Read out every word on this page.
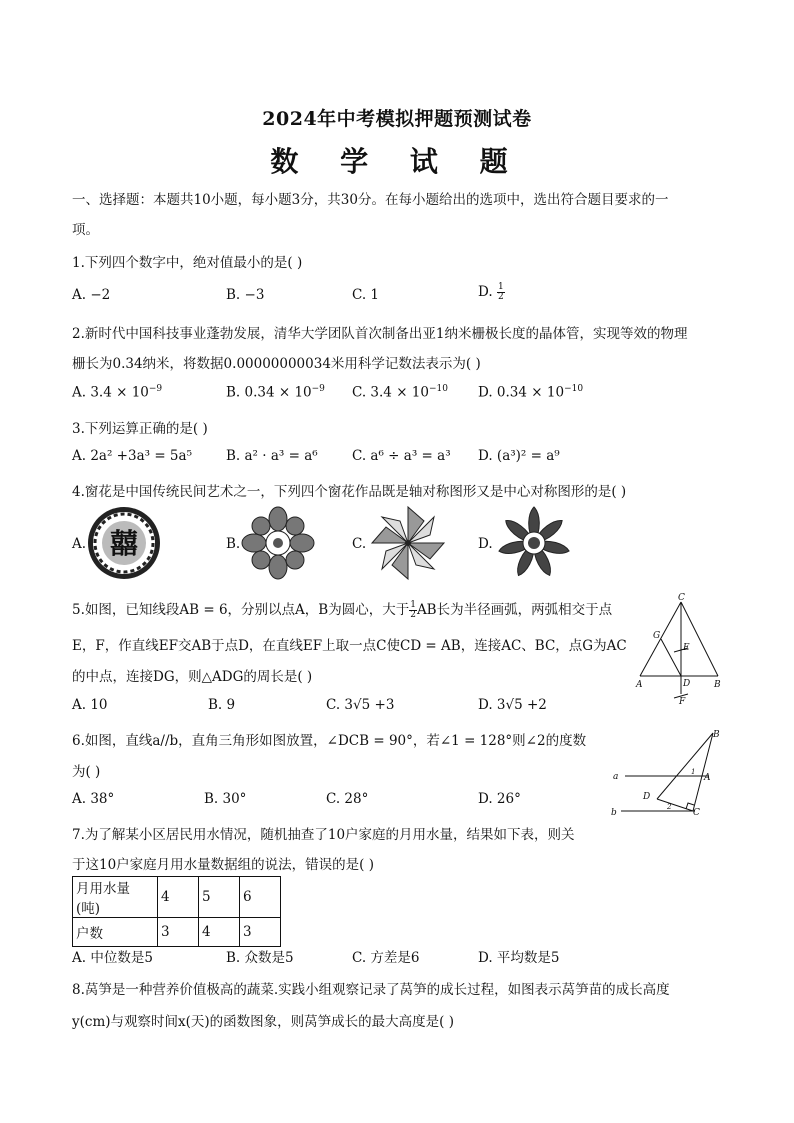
2024年中考模拟押题预测试卷
数 学 试 题
一、选择题：本题共10小题，每小题3分，共30分。在每小题给出的选项中，选出符合题目要求的一
项。
1.下列四个数字中，绝对值最小的是( )
A. −2	B. −3	C. 1	D. $\frac{1}{2}$
2.新时代中国科技事业蓬勃发展，清华大学团队首次制备出亚1纳米栅极长度的晶体管，实现等效的物理
栅长为0.34纳米，将数据0.00000000034米用科学记数法表示为( )
A. $3.4 \times 10^{-9}$	B. $0.34 \times 10^{-9}$ C. $3.4 \times 10^{-10}$ D. $0.34 \times 10^{-10}$
3.下列运算正确的是( )
A. 2a² +3a³ = 5a⁵	B. a² · a³ = a⁶	C. a⁶ ÷ a³ = a³ D. (a³)² = a⁹
4.窗花是中国传统民间艺术之一，下列四个窗花作品既是轴对称图形又是中心对称图形的是( )
A.	B.	C.	D.
囍
5.如图，已知线段AB = 6，分别以点A，B为圆心，大于 $\frac{1}{2}$ AB长为半径画弧，两弧相交于点
E，F，作直线EF交AB于点D，在直线EF上取一点C使CD = AB，连接AC、BC，点G为AC
的中点，连接DG，则△ADG的周长是( )
A. 10	B. 9	C. 3√5 +3	D. 3√5 +2
C
G
E
A	D	B
F
6.如图，直线a//b，直角三角形如图放置，∠DCB = 90°，若∠1 = 128°则∠2的度数
为( )
A. 38°	B. 30°	C. 28°	D. 26°
a
b
B
A
C
D
1
2
7.为了解某小区居民用水情况，随机抽查了10户家庭的月用水量，结果如下表，则关
于这10户家庭月用水量数据组的说法，错误的是( )
月用水量(吨)	4	5	6
户数	3	4	3
A. 中位数是5	B. 众数是5	C. 方差是6	D. 平均数是5
8.莴笋是一种营养价值极高的蔬菜.实践小组观察记录了莴笋的成长过程，如图表示莴笋苗的成长高度
y(cm)与观察时间x(天)的函数图象，则莴笋成长的最大高度是( )
